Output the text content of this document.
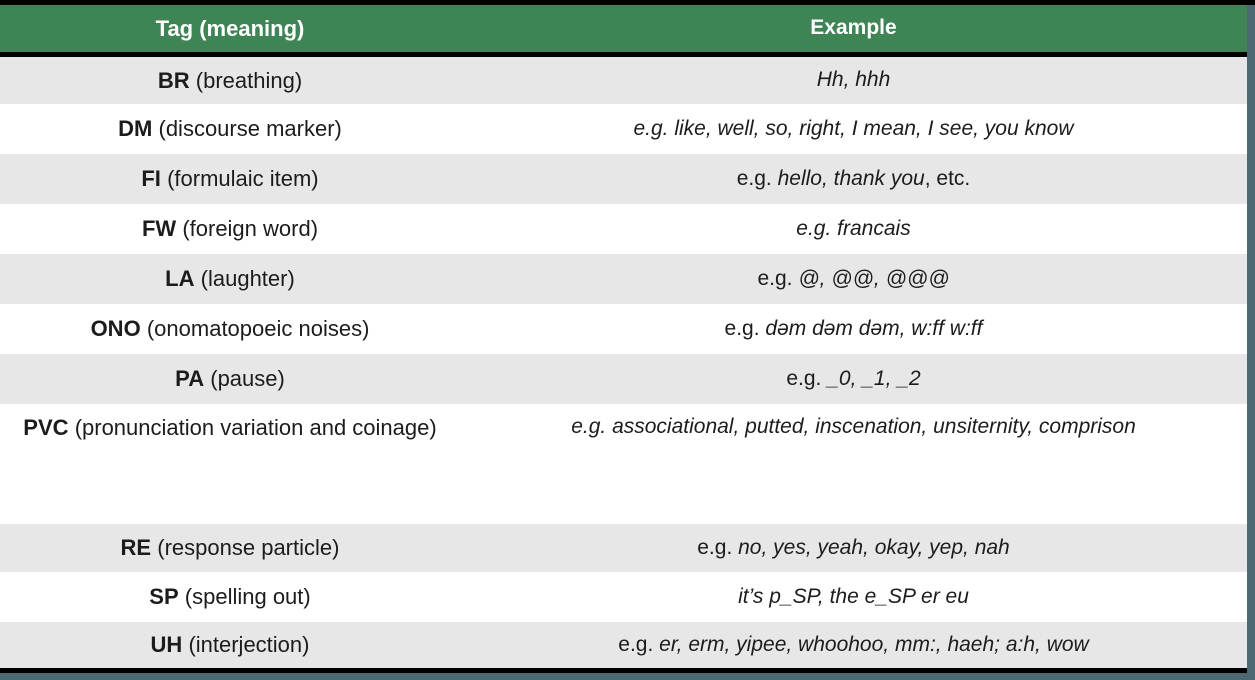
Tag (meaning)	Example
BR (breathing)	Hh, hhh
DM (discourse marker)	e.g. like, well, so, right, I mean, I see, you know
FI (formulaic item)	e.g. hello, thank you, etc.
FW (foreign word)	e.g. francais
LA (laughter)	e.g. @, @@, @@@
ONO (onomatopoeic noises)	e.g. dəm dəm dəm, w:ff w:ff
PA (pause)	e.g. _0, _1, _2
PVC (pronunciation variation and coinage)	e.g. associational, putted, inscenation, unsiternity, comprison
RE (response particle)	e.g. no, yes, yeah, okay, yep, nah
SP (spelling out)	it’s p_SP, the e_SP er eu
UH (interjection)	e.g. er, erm, yipee, whoohoo, mm:, haeh; a:h, wow
